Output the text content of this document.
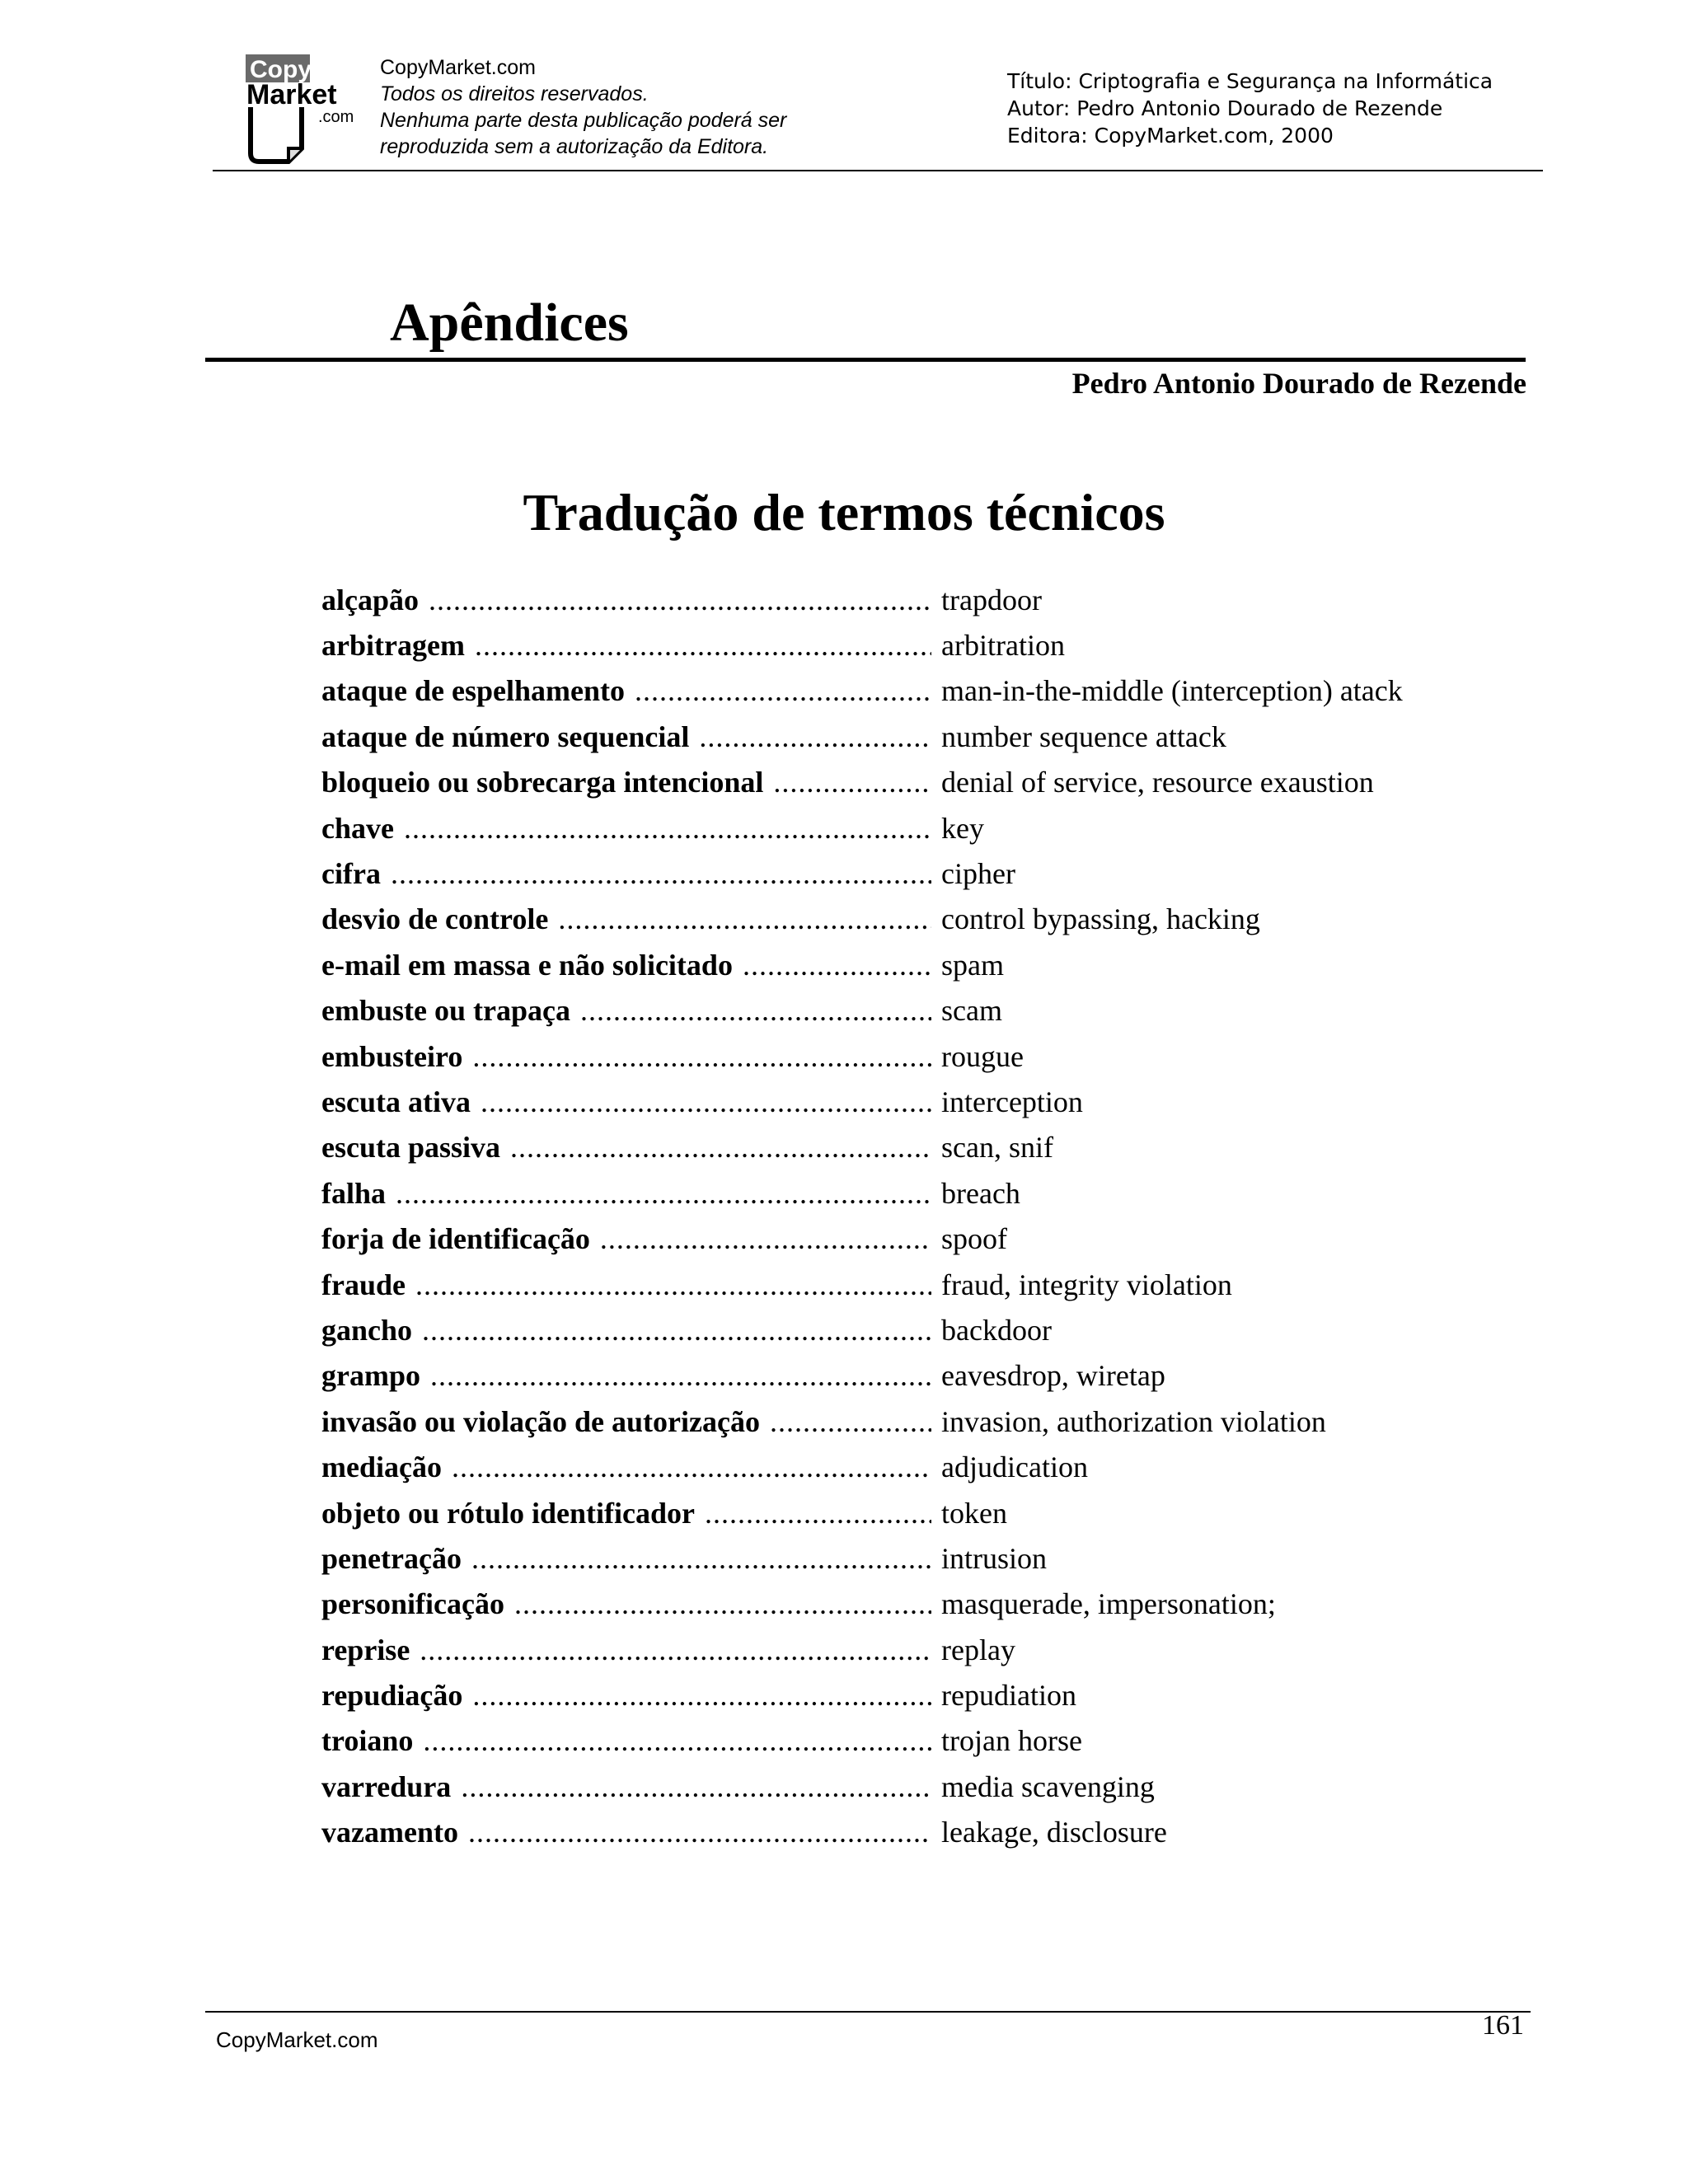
Copy
Market
.com
CopyMarket.com
Todos os direitos reservados.
Nenhuma parte desta publicação poderá ser
reproduzida sem a autorização da Editora.
Título: Criptografia e Segurança na Informática
Autor: Pedro Antonio Dourado de Rezende
Editora: CopyMarket.com, 2000
Apêndices
Pedro Antonio Dourado de Rezende
Tradução de termos técnicos
alçapão .....	trapdoor
arbitragem .....	arbitration
ataque de espelhamento .....	man-in-the-middle (interception) atack
ataque de número sequencial .....	number sequence attack
bloqueio ou sobrecarga intencional .....	denial of service, resource exaustion
chave .....	key
cifra .....	cipher
desvio de controle .....	control bypassing, hacking
e-mail em massa e não solicitado .....	spam
embuste ou trapaça .....	scam
embusteiro .....	rougue
escuta ativa .....	interception
escuta passiva .....	scan, snif
falha .....	breach
forja de identificação .....	spoof
fraude .....	fraud, integrity violation
gancho .....	backdoor
grampo .....	eavesdrop, wiretap
invasão ou violação de autorização .....	invasion, authorization violation
mediação .....	adjudication
objeto ou rótulo identificador .....	token
penetração .....	intrusion
personificação .....	masquerade, impersonation;
reprise .....	replay
repudiação .....	repudiation
troiano .....	trojan horse
varredura .....	media scavenging
vazamento .....	leakage, disclosure
CopyMarket.com	161
